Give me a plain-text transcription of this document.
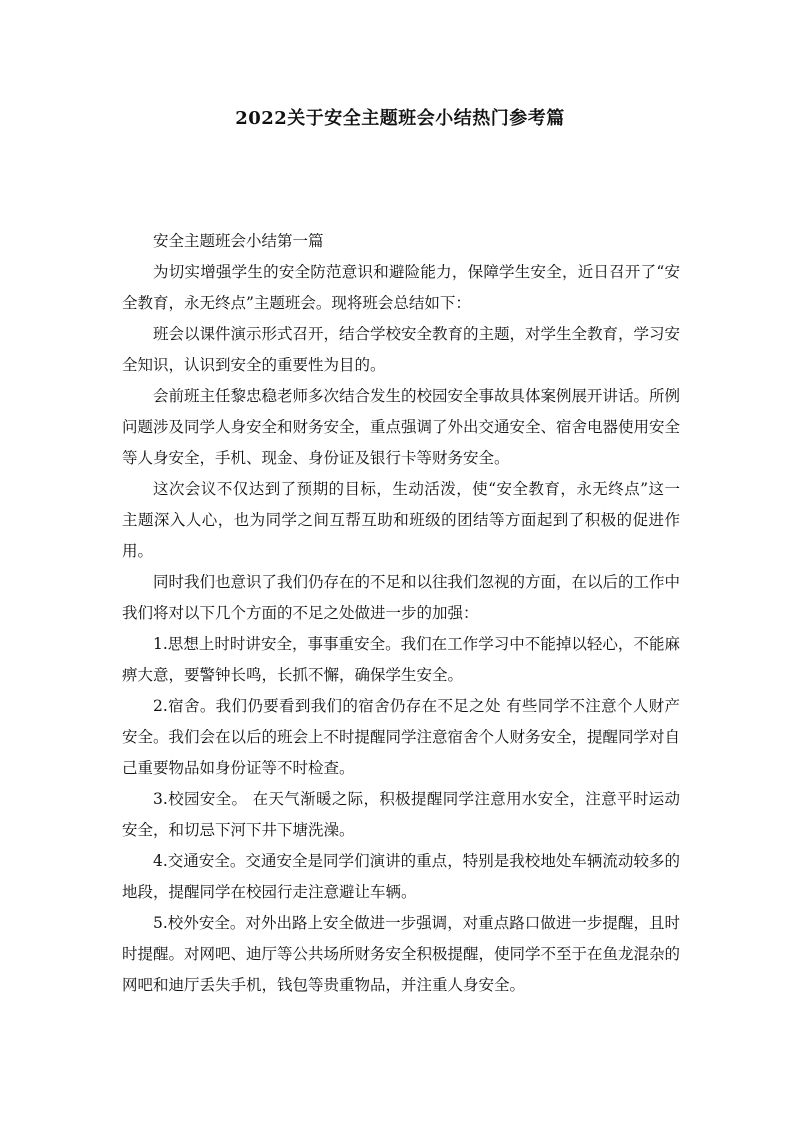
2022关于安全主题班会小结热门参考篇

安全主题班会小结第一篇

为切实增强学生的安全防范意识和避险能力，保障学生安全，近日召开了“安全教育，永无终点”主题班会。现将班会总结如下：

班会以课件演示形式召开，结合学校安全教育的主题，对学生全教育，学习安全知识，认识到安全的重要性为目的。

会前班主任黎忠稳老师多次结合发生的校园安全事故具体案例展开讲话。所例问题涉及同学人身安全和财务安全，重点强调了外出交通安全、宿舍电器使用安全等人身安全，手机、现金、身份证及银行卡等财务安全。

这次会议不仅达到了预期的目标，生动活泼，使“安全教育，永无终点”这一主题深入人心，也为同学之间互帮互助和班级的团结等方面起到了积极的促进作用。

同时我们也意识了我们仍存在的不足和以往我们忽视的方面，在以后的工作中我们将对以下几个方面的不足之处做进一步的加强：

1.思想上时时讲安全，事事重安全。我们在工作学习中不能掉以轻心，不能麻痹大意，要警钟长鸣，长抓不懈，确保学生安全。

2.宿舍。我们仍要看到我们的宿舍仍存在不足之处 有些同学不注意个人财产安全。我们会在以后的班会上不时提醒同学注意宿舍个人财务安全，提醒同学对自己重要物品如身份证等不时检查。

3.校园安全。 在天气渐暖之际，积极提醒同学注意用水安全，注意平时运动安全，和切忌下河下井下塘洗澡。

4.交通安全。交通安全是同学们演讲的重点，特别是我校地处车辆流动较多的地段，提醒同学在校园行走注意避让车辆。

5.校外安全。对外出路上安全做进一步强调，对重点路口做进一步提醒，且时时提醒。对网吧、迪厅等公共场所财务安全积极提醒，使同学不至于在鱼龙混杂的网吧和迪厅丢失手机，钱包等贵重物品，并注重人身安全。
